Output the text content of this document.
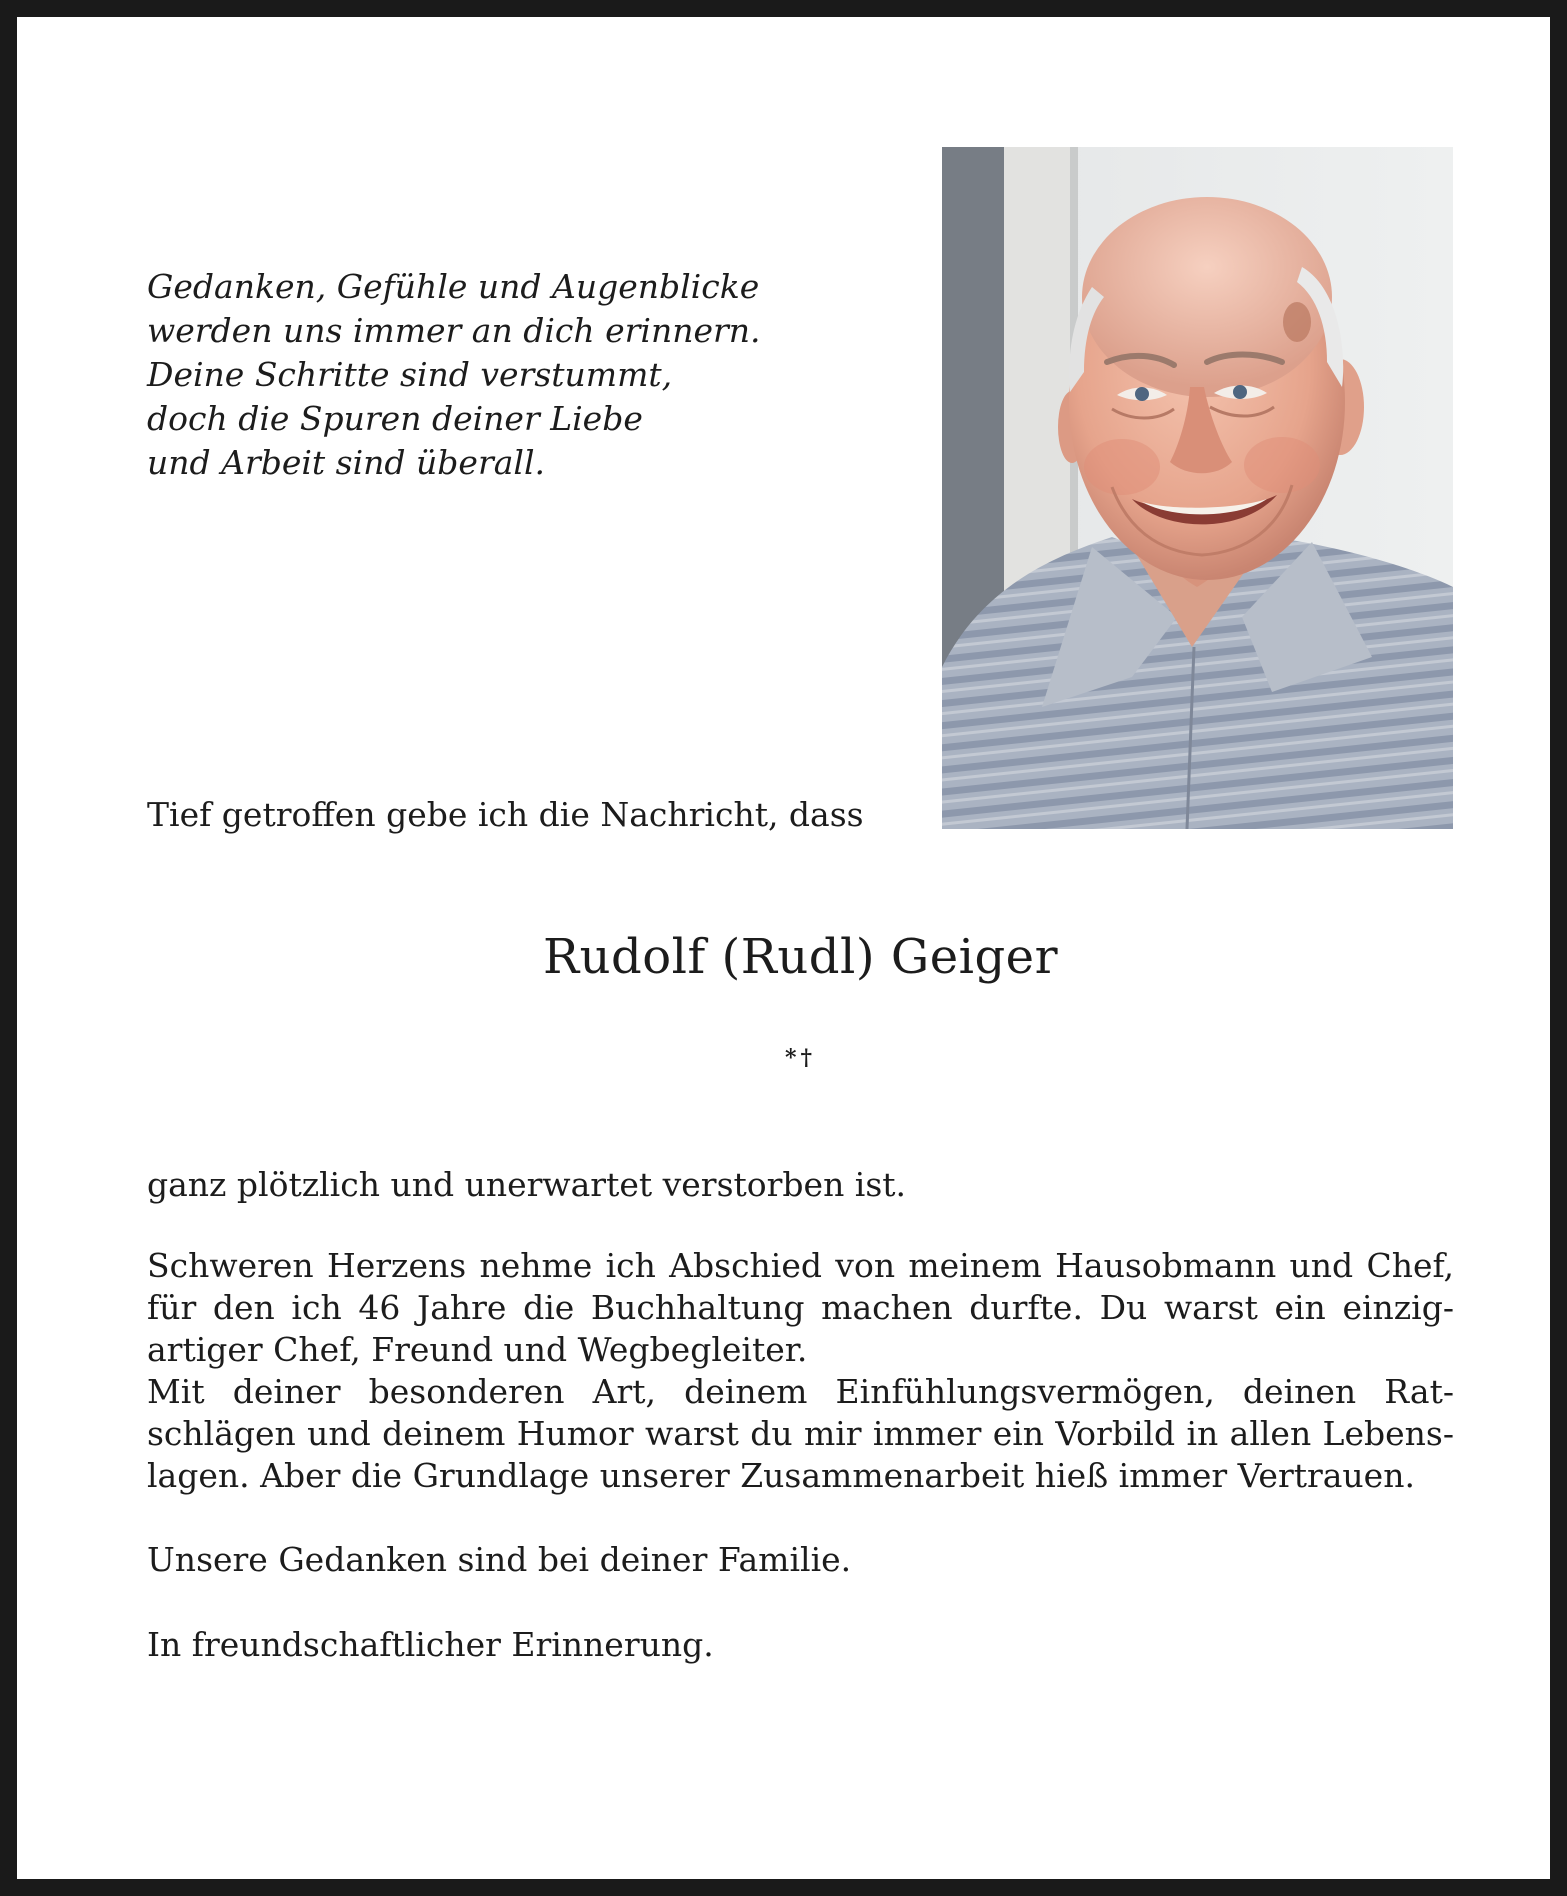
Gedanken, Gefühle und Augenblicke
werden uns immer an dich erinnern.
Deine Schritte sind verstummt,
doch die Spuren deiner Liebe
und Arbeit sind überall.
Tief getroffen gebe ich die Nachricht, dass
Rudolf (Rudl) Geiger
* †
ganz plötzlich und unerwartet verstorben ist.
Schweren Herzens nehme ich Abschied von meinem Hausobmann und Chef,
für den ich 46 Jahre die Buchhaltung machen durfte. Du warst ein einzig-
artiger Chef, Freund und Wegbegleiter.
Mit deiner besonderen Art, deinem Einfühlungsvermögen, deinen Rat-
schlägen und deinem Humor warst du mir immer ein Vorbild in allen Lebens-
lagen. Aber die Grundlage unserer Zusammenarbeit hieß immer Vertrauen.
Unsere Gedanken sind bei deiner Familie.
In freundschaftlicher Erinnerung.
